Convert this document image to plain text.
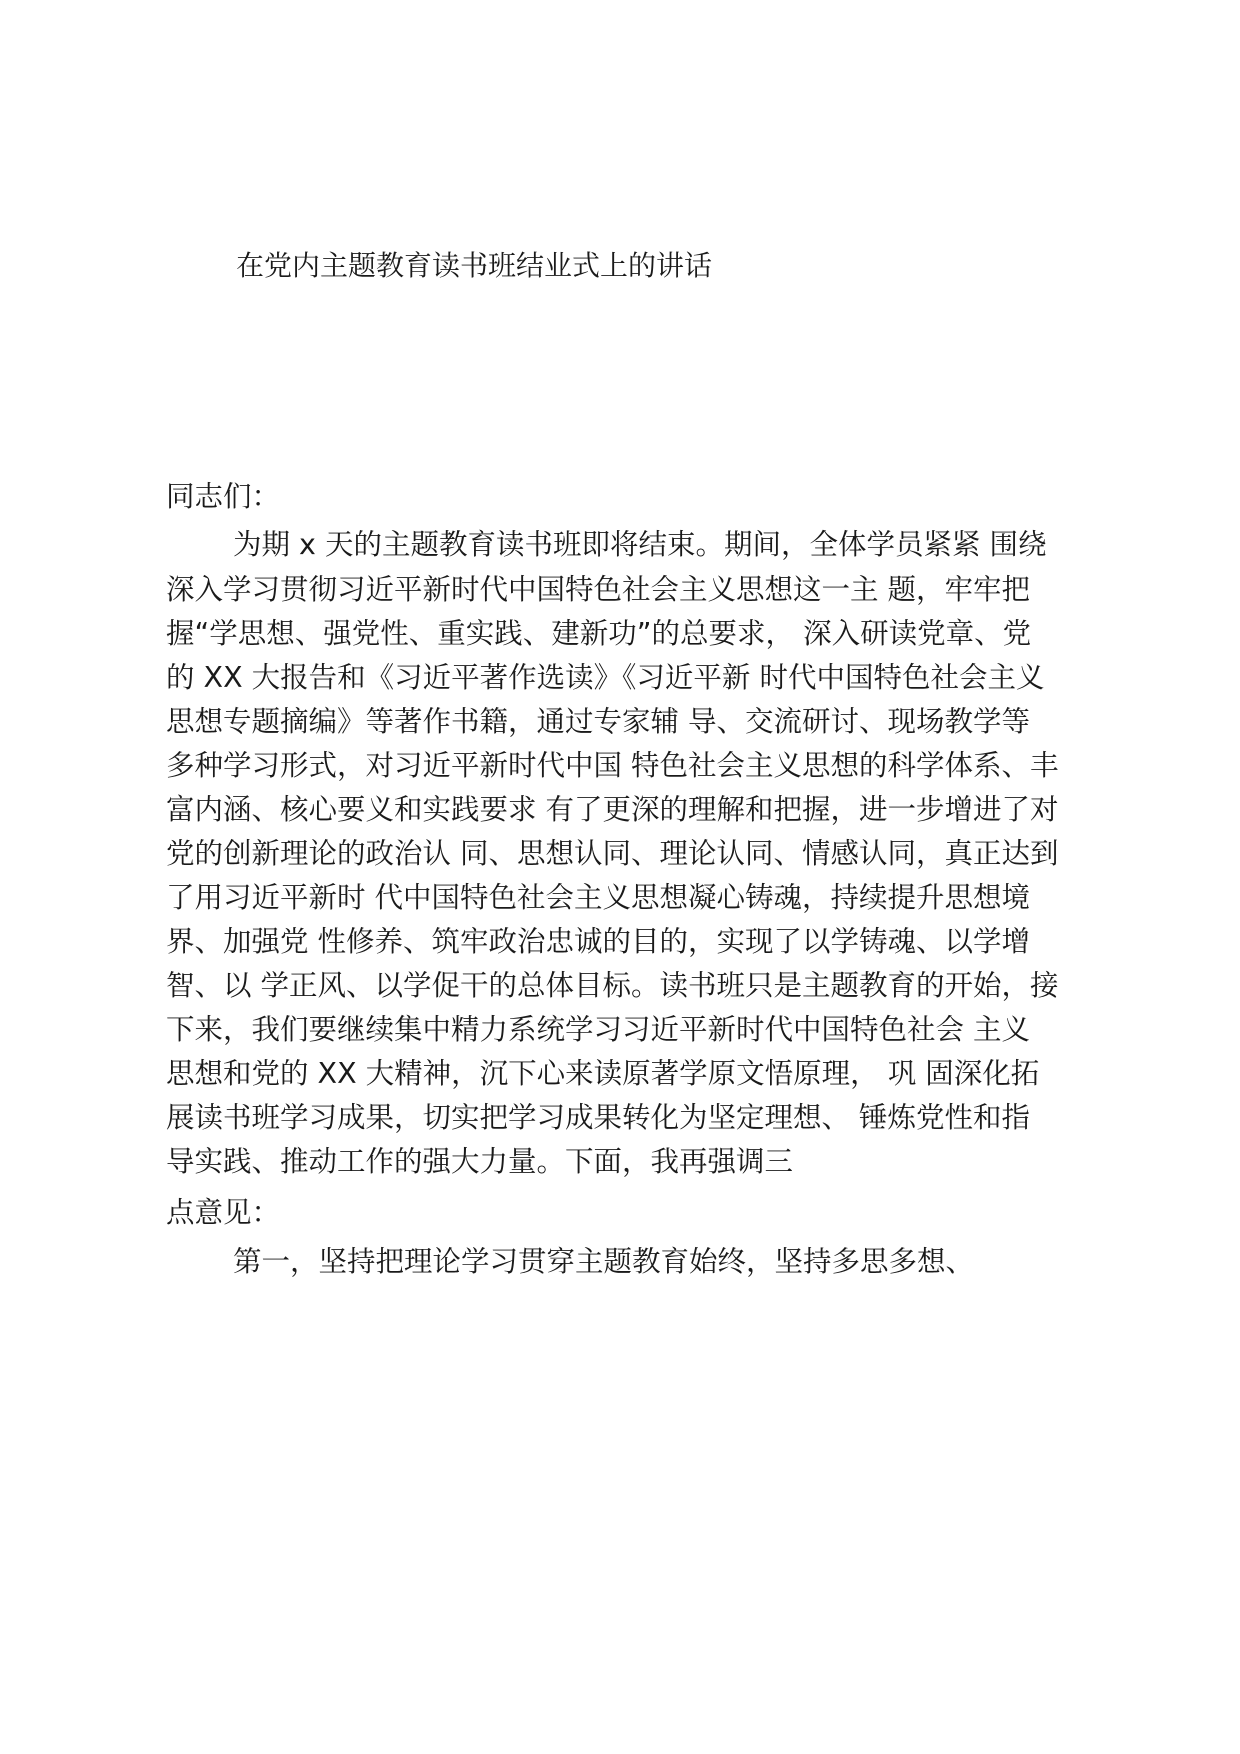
在党内主题教育读书班结业式上的讲话
同志们：
为期 x 天的主题教育读书班即将结束。期间，全体学员紧紧 围绕
深入学习贯彻习近平新时代中国特色社会主义思想这一主 题，牢牢把
握“学思想、强党性、重实践、建新功”的总要求， 深入研读党章、党
的 XX 大报告和《习近平著作选读》《习近平新 时代中国特色社会主义
思想专题摘编》等著作书籍，通过专家辅 导、交流研讨、现场教学等
多种学习形式，对习近平新时代中国 特色社会主义思想的科学体系、丰
富内涵、核心要义和实践要求 有了更深的理解和把握，进一步增进了对
党的创新理论的政治认 同、思想认同、理论认同、情感认同，真正达到
了用习近平新时 代中国特色社会主义思想凝心铸魂，持续提升思想境
界、加强党 性修养、筑牢政治忠诚的目的，实现了以学铸魂、以学增
智、以 学正风、以学促干的总体目标。读书班只是主题教育的开始，接
下来，我们要继续集中精力系统学习习近平新时代中国特色社会 主义
思想和党的 XX 大精神，沉下心来读原著学原文悟原理， 巩 固深化拓
展读书班学习成果，切实把学习成果转化为坚定理想、 锤炼党性和指
导实践、推动工作的强大力量。下面，我再强调三
点意见：
第一，坚持把理论学习贯穿主题教育始终，坚持多思多想、
